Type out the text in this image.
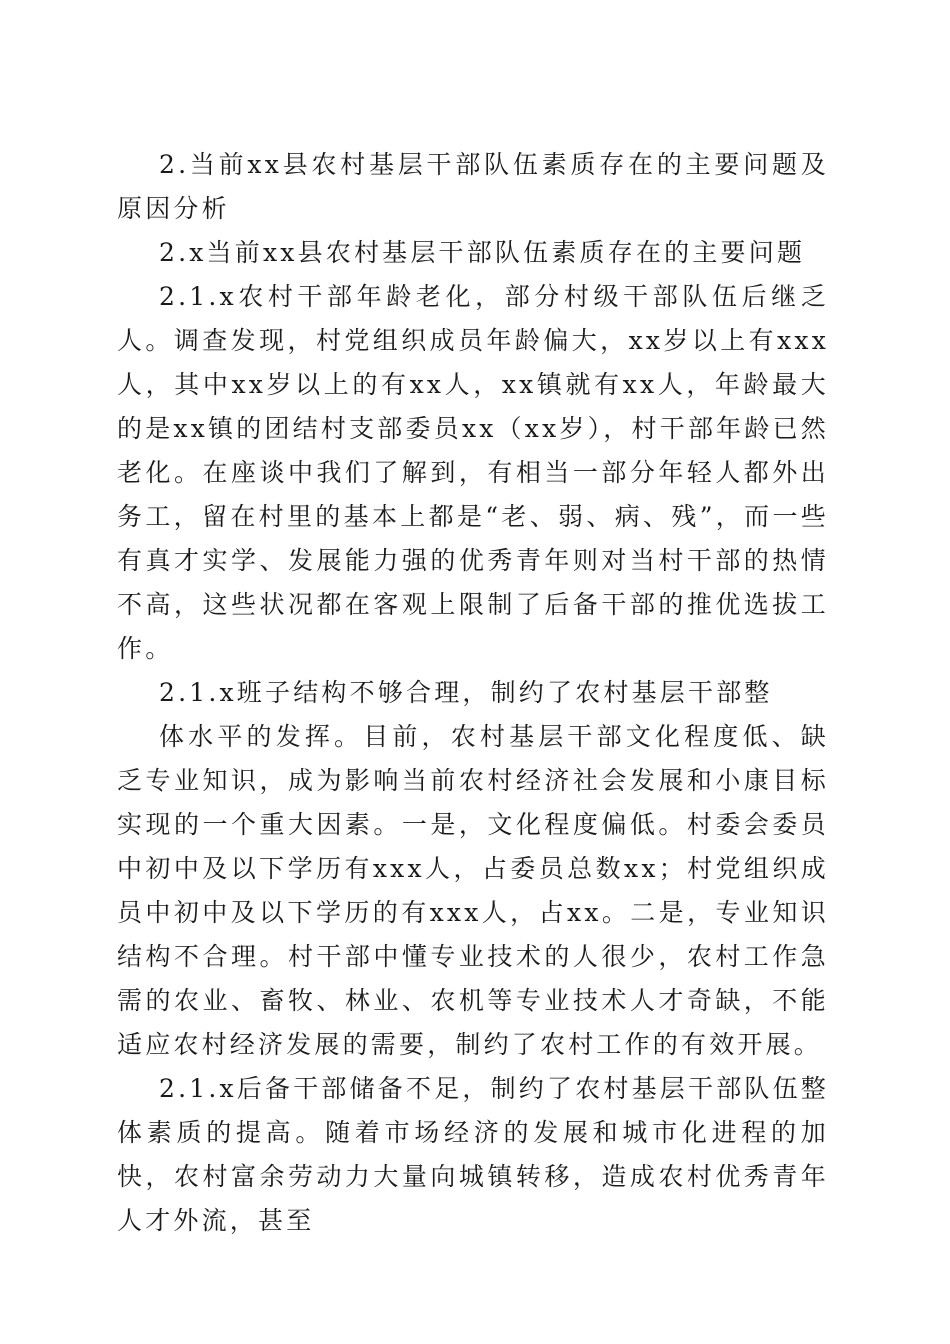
2.当前xx县农村基层干部队伍素质存在的主要问题及原因分析

2.x当前xx县农村基层干部队伍素质存在的主要问题

2.1.x农村干部年龄老化，部分村级干部队伍后继乏人。调查发现，村党组织成员年龄偏大，xx岁以上有xxx人，其中xx岁以上的有xx人，xx镇就有xx人，年龄最大的是xx镇的团结村支部委员xx（xx岁），村干部年龄已然老化。在座谈中我们了解到，有相当一部分年轻人都外出务工，留在村里的基本上都是“老、弱、病、残”，而一些有真才实学、发展能力强的优秀青年则对当村干部的热情不高，这些状况都在客观上限制了后备干部的推优选拔工作。

2.1.x班子结构不够合理，制约了农村基层干部整

体水平的发挥。目前，农村基层干部文化程度低、缺乏专业知识，成为影响当前农村经济社会发展和小康目标实现的一个重大因素。一是，文化程度偏低。村委会委员中初中及以下学历有xxx人，占委员总数xx；村党组织成员中初中及以下学历的有xxx人，占xx。二是，专业知识结构不合理。村干部中懂专业技术的人很少，农村工作急需的农业、畜牧、林业、农机等专业技术人才奇缺，不能适应农村经济发展的需要，制约了农村工作的有效开展。

2.1.x后备干部储备不足，制约了农村基层干部队伍整体素质的提高。随着市场经济的发展和城市化进程的加快，农村富余劳动力大量向城镇转移，造成农村优秀青年人才外流，甚至
